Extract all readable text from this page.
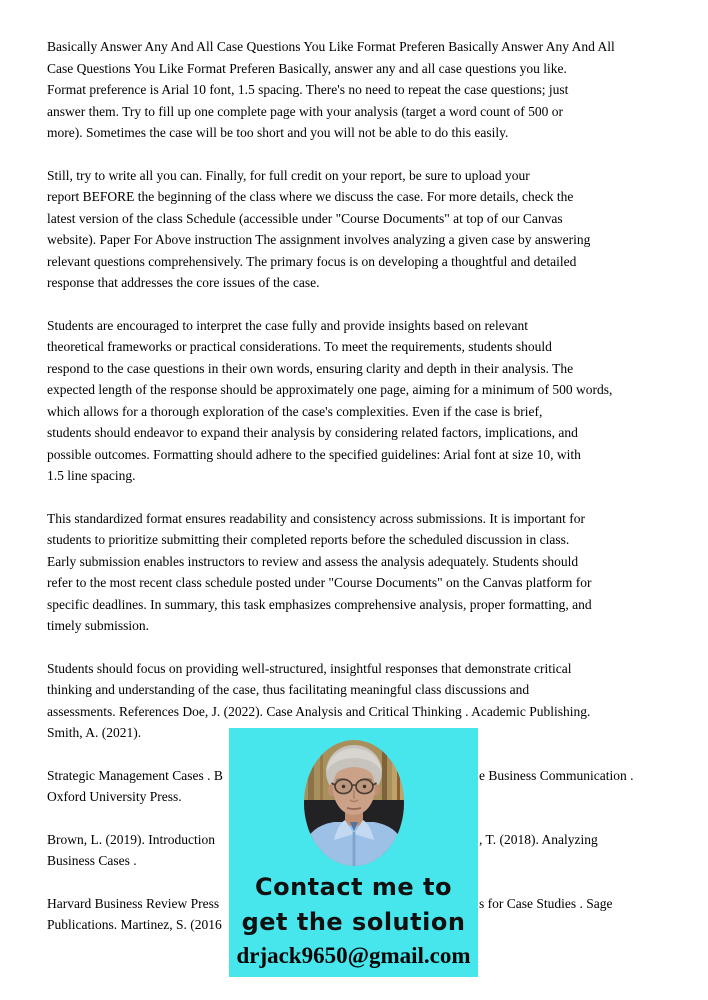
Basically Answer Any And All Case Questions You Like Format Preferen Basically Answer Any And All
Case Questions You Like Format Preferen Basically, answer any and all case questions you like.
Format preference is Arial 10 font, 1.5 spacing. There's no need to repeat the case questions; just
answer them. Try to fill up one complete page with your analysis (target a word count of 500 or
more). Sometimes the case will be too short and you will not be able to do this easily.
Still, try to write all you can. Finally, for full credit on your report, be sure to upload your
report BEFORE the beginning of the class where we discuss the case. For more details, check the
latest version of the class Schedule (accessible under "Course Documents" at top of our Canvas
website). Paper For Above instruction The assignment involves analyzing a given case by answering
relevant questions comprehensively. The primary focus is on developing a thoughtful and detailed
response that addresses the core issues of the case.
Students are encouraged to interpret the case fully and provide insights based on relevant
theoretical frameworks or practical considerations. To meet the requirements, students should
respond to the case questions in their own words, ensuring clarity and depth in their analysis. The
expected length of the response should be approximately one page, aiming for a minimum of 500 words,
which allows for a thorough exploration of the case's complexities. Even if the case is brief,
students should endeavor to expand their analysis by considering related factors, implications, and
possible outcomes. Formatting should adhere to the specified guidelines: Arial font at size 10, with
1.5 line spacing.
This standardized format ensures readability and consistency across submissions. It is important for
students to prioritize submitting their completed reports before the scheduled discussion in class.
Early submission enables instructors to review and assess the analysis adequately. Students should
refer to the most recent class schedule posted under "Course Documents" on the Canvas platform for
specific deadlines. In summary, this task emphasizes comprehensive analysis, proper formatting, and
timely submission.
Students should focus on providing well-structured, insightful responses that demonstrate critical
thinking and understanding of the case, thus facilitating meaningful class discussions and
assessments. References Doe, J. (2022). Case Analysis and Critical Thinking . Academic Publishing.
Smith, A. (2021).
Strategic Management Cases . B	e Business Communication .
Oxford University Press.
Brown, L. (2019). Introduction	, T. (2018). Analyzing
Business Cases .
Harvard Business Review Press	s for Case Studies . Sage
Publications. Martinez, S. (2016
Contact me to
get the solution
drjack9650@gmail.com
